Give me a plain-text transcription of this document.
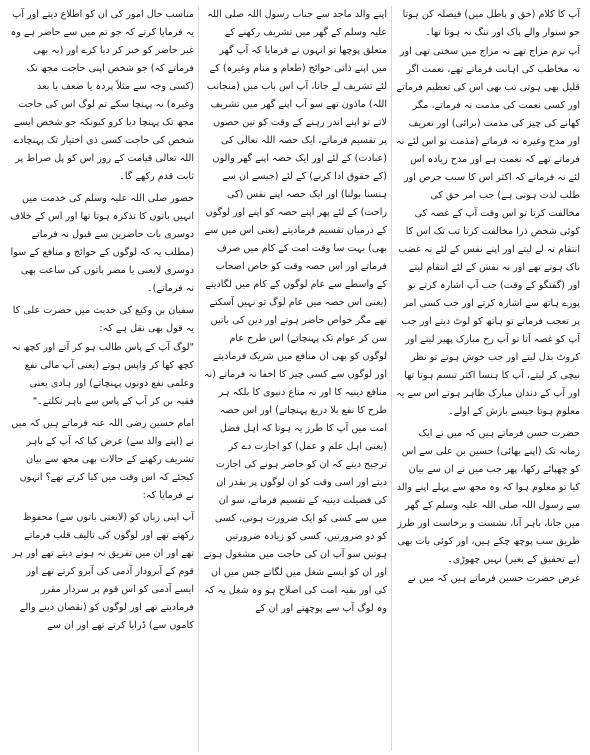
آپ کا کلام (حق و باطل میں) فیصلہ کن ہوتا جو سنوار والے پاک اور تنگ نہ ہوتا تھا۔

آپ نرم مزاج تھے نہ مزاج میں سختی تھی اور نہ مخاطب کی اہانت فرماتے تھے، نعمت اگر قلیل بھی ہوتی تب بھی اس کی تعظیم فرماتے اور کسی نعمت کی مذمت نہ فرماتے، مگر کھانے کی چیز کی مذمت (برائی) اور تعریف اور مدح وغیرہ نہ فرماتے (مذمت تو اس لئے نہ فرماتے تھے کہ نعمت ہے اور مدح زیادہ اس لئے نہ فرماتے کہ اکثر اس کا سبب حرص اور طلب لذت ہوتی ہے) جب امر حق کی مخالفت کرتا تو اس وقت آپ کے غصہ کی کوئی شخص ذرا مخالفت کرتا تب تک اس کا انتقام نہ لے لیتے اور اپنے نفس کے لئے نہ غضب ناک ہوتے تھے اور نہ نفس کے لئے انتقام لیتے اور (گفتگو کے وقت) جب آپ اشارہ کرتے تو پورے ہاتھ سے اشارہ کرتے اور جب کسی امر پر تعجب فرماتے تو ہاتھ کو لوٹ دیتے اور جب آپ کو غصہ آتا تو آپ رخ مبارک پھیر لیتے اور کروٹ بدل لیتے اور جب خوش ہوتے تو نظر نیچی کر لیتے، آپ کا ہنسا اکثر تبسم ہوتا تھا اور آپ کے دندان مبارک ظاہر ہوتے اس سے یہ معلوم ہوتا جیسے بارش کے اولے۔

حضرت حسن فرماتے ہیں کہ میں نے ایک زمانہ تک (اپنے بھائی) حسین بن علی سے اس کو چھپائے رکھا، پھر جب میں نے ان سے بیان کیا تو معلوم ہوا کہ وہ مجھ سے پہلے اپنے والد سے رسول اللہ صلی اللہ علیہ وسلم کے گھر میں جانا، باہر آنا، نشست و برخاست اور طرز طریق سب پوچھ چکے ہیں، اور کوئی بات بھی (بے تحقیق کے بغیر) نہیں چھوڑی۔

غرض حضرت حسین فرماتے ہیں کہ میں نے

اپنے والد ماجد سے جناب رسول اللہ صلی اللہ علیہ وسلم کے گھر میں تشریف رکھنے کے متعلق پوچھا تو انہوں نے فرمایا کہ آپ گھر میں اپنے ذاتی حوائج (طعام و منام وغیرہ) کے لئے تشریف لے جانا، آپ اس باب میں (منجانب اللہ) ماذون تھے سو آپ اپنے گھر میں تشریف لاتے تو اپنے اندر رہنے کے وقت کو تین حصوں پر تقسیم فرماتے، ایک حصہ اللہ تعالی کی (عبادت) کے لئے اور ایک حصہ اپنے گھر والوں (کے حقوق ادا کرنے) کے لئے (جیسے ان سے ہنسنا بولنا) اور ایک حصہ اپنے نفس (کی راحت) کے لئے پھر اپنے حصہ کو اپنے اور لوگوں کے درمیان تقسیم فرمادیتے (یعنی اس میں سے بھی) بہت سا وقت امت کے کام میں صرف فرماتے اور اس حصہ وقت کو خاص اصحاب کے واسطے سے عام لوگوں کے کام میں لگادیتے (یعنی اس حصہ میں عام لوگ تو نہیں آسکتے تھے مگر خواص حاضر ہوتے اور دین کی باتیں سن کر عوام تک پہنچاتے) اس طرح عام لوگوں کو بھی ان منافع میں شریک فرمادیتے اور لوگوں سے کسی چیز کا اخفا نہ فرماتے (نہ منافع دینیہ کا اور نہ متاع دنیوی کا بلکہ ہر طرح کا نفع بلا دریغ پہنچاتے) اور اس حصہ امت میں آپ کا طرز یہ ہوتا کہ اہل فضل (یعنی اہل علم و عمل) کو اجازت دے کر ترجیح دیتے کہ ان کو حاضر ہونے کی اجازت دیتے اور اسی وقت کو ان لوگوں پر بقدر ان کی فضیلت دینیہ کے تقسیم فرماتے، سو ان میں سے کسی کو ایک ضرورت ہوتی، کسی کو دو ضرورتیں، کسی کو زیادہ ضرورتیں ہوتیں سو آپ ان کی حاجت میں مشغول ہوتے اور ان کو ایسے شغل میں لگاتے جس میں ان کی اور بقیہ امت کی اصلاح ہو وہ شغل یہ کہ وہ لوگ آپ سے پوچھتے اور ان کے

مناسب حال امور کی ان کو اطلاع دیتے اور آپ یہ فرمایا کرتے کہ جو تم میں سے حاضر ہے وہ غیر حاضر کو خبر کر دیا کرے اور (یہ بھی فرماتے کہ) جو شخص اپنی حاجت مجھ تک (کسی وجہ سے مثلاً پردہ یا ضعف یا بعد وغیرہ) نہ پہنچا سکے تم لوگ اس کی حاجت مجھ تک پہنچا دیا کرو کیونکہ جو شخص ایسے شخص کی حاجت کسی ذی اختیار تک پہنچادے اللہ تعالی قیامت کے روز اس کو پل صراط پر ثابت قدم رکھے گا۔

حضور صلی اللہ علیہ وسلم کی خدمت میں انہیں باتوں کا تذکرہ ہوتا تھا اور اس کے خلاف دوسری بات حاضرین سے قبول نہ فرماتے (مطلب یہ کہ لوگوں کے حوائج و منافع کے سوا دوسری لایعنی یا مضر باتوں کی ساعت بھی نہ فرماتے)۔

سفیان بن وکیع کی حدیث میں حضرت علی کا یہ قول بھی نقل ہے کہ:

"لوگ آپ کے پاس طالب ہو کر آتے اور کچھ نہ کچھ کھا کر واپس ہوتے (یعنی آپ مالی نفع وعلمی نفع دونوں پہنچاتے) اور ہادی یعنی فقیہ بن کر آپ کے پاس سے باہر نکلتے۔"

امام حسین رضی اللہ عنہ فرماتے ہیں کہ میں نے (اپنے والد سے) عرض کیا کہ آپ کے باہر تشریف رکھنے کے حالات بھی مجھ سے بیان کیجئے کہ اس وقت میں کیا کرتے تھے؟ انہوں نے فرمایا کہ:

آپ اپنی زبان کو (لایعنی باتوں سے) محفوظ رکھتے تھے اور لوگوں کی تالیف قلب فرماتے تھے اور ان میں تفریق نہ ہونے دیتے تھے اور ہر قوم کے آبرودار آدمی کی آبرو کرتے تھے اور ایسے آدمی کو اس قوم پر سردار مقرر فرمادیتے تھے اور لوگوں کو (نقصان دینے والے کاموں سے) ڈرایا کرتے تھے اور ان سے
